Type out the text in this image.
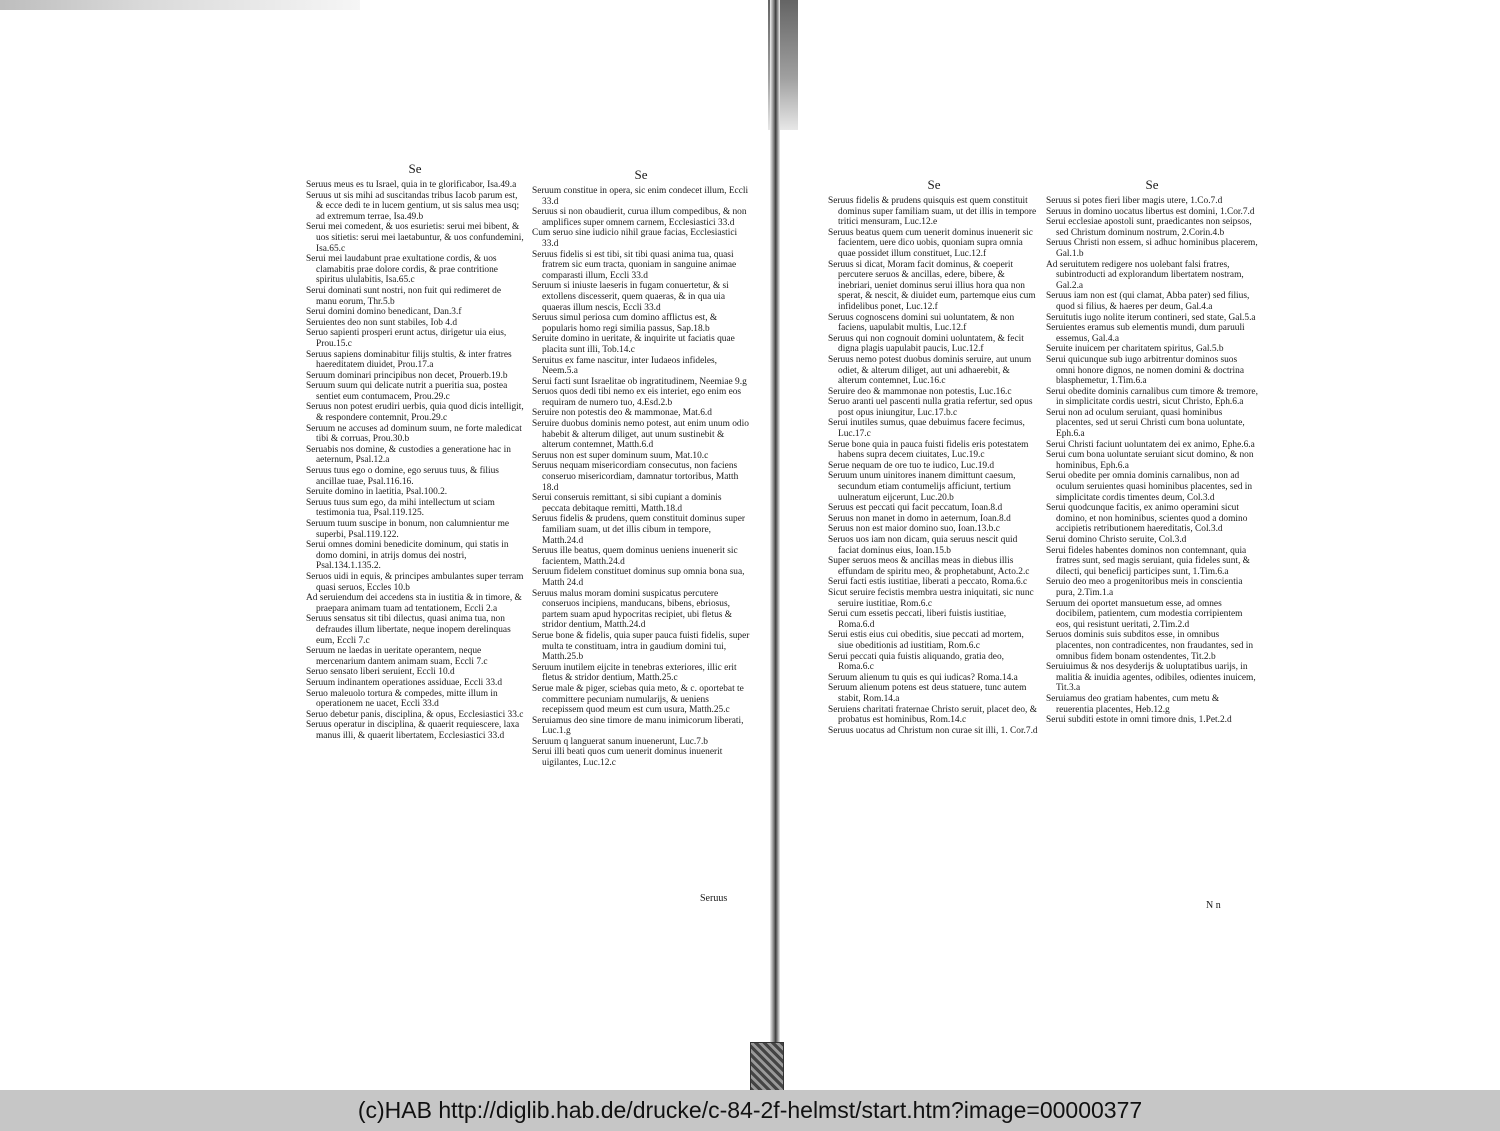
Se

Seruus meus es tu Israel, quia in te glorificabor, Isa.49.a

Seruus ut sis mihi ad suscitandas tribus Iacob parum est, & ecce dedi te in lucem gentium, ut sis salus mea usq; ad extremum terrae, Isa.49.b

Serui mei comedent, & uos esurietis: serui mei bibent, & uos sitietis: serui mei laetabuntur, & uos confundemini, Isa.65.c

Serui mei laudabunt prae exultatione cordis, & uos clamabitis prae dolore cordis, & prae contritione spiritus ululabitis, Isa.65.c

Serui dominati sunt nostri, non fuit qui redimeret de manu eorum, Thr.5.b

Serui domini domino benedicant, Dan.3.f

Seruientes deo non sunt stabiles, Iob 4.d

Seruo sapienti prosperi erunt actus, dirigetur uia eius, Prou.15.c

Seruus sapiens dominabitur filijs stultis, & inter fratres haereditatem diuidet, Prou.17.a

Seruum dominari principibus non decet, Prouerb.19.b

Seruum suum qui delicate nutrit a pueritia sua, postea sentiet eum contumacem, Prou.29.c

Seruus non potest erudiri uerbis, quia quod dicis intelligit, & respondere contemnit, Prou.29.c

Seruum ne accuses ad dominum suum, ne forte maledicat tibi & corruas, Prou.30.b

Seruabis nos domine, & custodies a generatione hac in aeternum, Psal.12.a

Seruus tuus ego o domine, ego seruus tuus, & filius ancillae tuae, Psal.116.16.

Seruite domino in laetitia, Psal.100.2.

Seruus tuus sum ego, da mihi intellectum ut sciam testimonia tua, Psal.119.125.

Seruum tuum suscipe in bonum, non calumnientur me superbi, Psal.119.122.

Serui omnes domini benedicite dominum, qui statis in domo domini, in atrijs domus dei nostri, Psal.134.1.135.2.

Seruos uidi in equis, & principes ambulantes super terram quasi seruos, Eccles 10.b

Ad seruiendum dei accedens sta in iustitia & in timore, & praepara animam tuam ad tentationem, Eccli 2.a

Seruus sensatus sit tibi dilectus, quasi anima tua, non defraudes illum libertate, neque inopem derelinquas eum, Eccli 7.c

Seruum ne laedas in ueritate operantem, neque mercenarium dantem animam suam, Eccli 7.c

Seruo sensato liberi seruient, Eccli 10.d

Seruum indinantem operationes assiduae, Eccli 33.d

Seruo maleuolo tortura & compedes, mitte illum in operationem ne uacet, Eccli 33.d

Seruo debetur panis, disciplina, & opus, Ecclesiastici 33.c

Seruus operatur in disciplina, & quaerit requiescere, laxa manus illi, & quaerit libertatem, Ecclesiastici 33.d

Se

Seruum constitue in opera, sic enim condecet illum, Eccli 33.d

Seruus si non obaudierit, curua illum compedibus, & non amplifices super omnem carnem, Ecclesiastici 33.d

Cum seruo sine iudicio nihil graue facias, Ecclesiastici 33.d

Seruus fidelis si est tibi, sit tibi quasi anima tua, quasi fratrem sic eum tracta, quoniam in sanguine animae comparasti illum, Eccli 33.d

Seruum si iniuste laeseris in fugam conuertetur, & si extollens discesserit, quem quaeras, & in qua uia quaeras illum nescis, Eccli 33.d

Seruus simul periosa cum domino afflictus est, & popularis homo regi similia passus, Sap.18.b

Seruite domino in ueritate, & inquirite ut faciatis quae placita sunt illi, Tob.14.c

Seruitus ex fame nascitur, inter Iudaeos infideles, Neem.5.a

Serui facti sunt Israelitae ob ingratitudinem, Neemiae 9.g

Seruos quos dedi tibi nemo ex eis interiet, ego enim eos requiram de numero tuo, 4.Esd.2.b

Seruire non potestis deo & mammonae, Mat.6.d

Seruire duobus dominis nemo potest, aut enim unum odio habebit & alterum diliget, aut unum sustinebit & alterum contemnet, Matth.6.d

Seruus non est super dominum suum, Mat.10.c

Seruus nequam misericordiam consecutus, non faciens conseruo misericordiam, damnatur tortoribus, Matth 18.d

Serui conseruis remittant, si sibi cupiant a dominis peccata debitaque remitti, Matth.18.d

Seruus fidelis & prudens, quem constituit dominus super familiam suam, ut det illis cibum in tempore, Matth.24.d

Seruus ille beatus, quem dominus ueniens inuenerit sic facientem, Matth.24.d

Seruum fidelem constituet dominus sup omnia bona sua, Matth 24.d

Seruus malus moram domini suspicatus percutere conseruos incipiens, manducans, bibens, ebriosus, partem suam apud hypocritas recipiet, ubi fletus & stridor dentium, Matth.24.d

Serue bone & fidelis, quia super pauca fuisti fidelis, super multa te constituam, intra in gaudium domini tui, Matth.25.b

Seruum inutilem eijcite in tenebras exteriores, illic erit fletus & stridor dentium, Matth.25.c

Serue male & piger, sciebas quia meto, & c. oportebat te committere pecuniam numularijs, & ueniens recepissem quod meum est cum usura, Matth.25.c

Seruiamus deo sine timore de manu inimicorum liberati, Luc.1.g

Seruum q languerat sanum inuenerunt, Luc.7.b

Serui illi beati quos cum uenerit dominus inuenerit uigilantes, Luc.12.c

Seruus
Se

Seruus fidelis & prudens quisquis est quem constituit dominus super familiam suam, ut det illis in tempore tritici mensuram, Luc.12.e

Seruus beatus quem cum uenerit dominus inuenerit sic facientem, uere dico uobis, quoniam supra omnia quae possidet illum constituet, Luc.12.f

Seruus si dicat, Moram facit dominus, & coeperit percutere seruos & ancillas, edere, bibere, & inebriari, ueniet dominus serui illius hora qua non sperat, & nescit, & diuidet eum, partemque eius cum infidelibus ponet, Luc.12.f

Seruus cognoscens domini sui uoluntatem, & non faciens, uapulabit multis, Luc.12.f

Seruus qui non cognouit domini uoluntatem, & fecit digna plagis uapulabit paucis, Luc.12.f

Seruus nemo potest duobus dominis seruire, aut unum odiet, & alterum diliget, aut uni adhaerebit, & alterum contemnet, Luc.16.c

Seruire deo & mammonae non potestis, Luc.16.c

Seruo aranti uel pascenti nulla gratia refertur, sed opus post opus iniungitur, Luc.17.b.c

Serui inutiles sumus, quae debuimus facere fecimus, Luc.17.c

Serue bone quia in pauca fuisti fidelis eris potestatem habens supra decem ciuitates, Luc.19.c

Serue nequam de ore tuo te iudico, Luc.19.d

Seruum unum uinitores inanem dimittunt caesum, secundum etiam contumelijs afficiunt, tertium uulneratum eijcerunt, Luc.20.b

Seruus est peccati qui facit peccatum, Ioan.8.d

Seruus non manet in domo in aeternum, Ioan.8.d

Seruus non est maior domino suo, Ioan.13.b.c

Seruos uos iam non dicam, quia seruus nescit quid faciat dominus eius, Ioan.15.b

Super seruos meos & ancillas meas in diebus illis effundam de spiritu meo, & prophetabunt, Acto.2.c

Serui facti estis iustitiae, liberati a peccato, Roma.6.c

Sicut seruire fecistis membra uestra iniquitati, sic nunc seruire iustitiae, Rom.6.c

Serui cum essetis peccati, liberi fuistis iustitiae, Roma.6.d

Serui estis eius cui obeditis, siue peccati ad mortem, siue obeditionis ad iustitiam, Rom.6.c

Serui peccati quia fuistis aliquando, gratia deo, Roma.6.c

Seruum alienum tu quis es qui iudicas? Roma.14.a

Seruum alienum potens est deus statuere, tunc autem stabit, Rom.14.a

Seruiens charitati fraternae Christo seruit, placet deo, & probatus est hominibus, Rom.14.c

Seruus uocatus ad Christum non curae sit illi, 1. Cor.7.d

Se

Seruus si potes fieri liber magis utere, 1.Co.7.d

Seruus in domino uocatus libertus est domini, 1.Cor.7.d

Serui ecclesiae apostoli sunt, praedicantes non seipsos, sed Christum dominum nostrum, 2.Corin.4.b

Seruus Christi non essem, si adhuc hominibus placerem, Gal.1.b

Ad seruitutem redigere nos uolebant falsi fratres, subintroducti ad explorandum libertatem nostram, Gal.2.a

Seruus iam non est (qui clamat, Abba pater) sed filius, quod si filius, & haeres per deum, Gal.4.a

Seruitutis iugo nolite iterum contineri, sed state, Gal.5.a

Seruientes eramus sub elementis mundi, dum paruuli essemus, Gal.4.a

Seruite inuicem per charitatem spiritus, Gal.5.b

Serui quicunque sub iugo arbitrentur dominos suos omni honore dignos, ne nomen domini & doctrina blasphemetur, 1.Tim.6.a

Serui obedite dominis carnalibus cum timore & tremore, in simplicitate cordis uestri, sicut Christo, Eph.6.a

Serui non ad oculum seruiant, quasi hominibus placentes, sed ut serui Christi cum bona uoluntate, Eph.6.a

Serui Christi faciunt uoluntatem dei ex animo, Ephe.6.a

Serui cum bona uoluntate seruiant sicut domino, & non hominibus, Eph.6.a

Serui obedite per omnia dominis carnalibus, non ad oculum seruientes quasi hominibus placentes, sed in simplicitate cordis timentes deum, Col.3.d

Serui quodcunque facitis, ex animo operamini sicut domino, et non hominibus, scientes quod a domino accipietis retributionem haereditatis, Col.3.d

Serui domino Christo seruite, Col.3.d

Serui fideles habentes dominos non contemnant, quia fratres sunt, sed magis seruiant, quia fideles sunt, & dilecti, qui beneficij participes sunt, 1.Tim.6.a

Seruio deo meo a progenitoribus meis in conscientia pura, 2.Tim.1.a

Seruum dei oportet mansuetum esse, ad omnes docibilem, patientem, cum modestia corripientem eos, qui resistunt ueritati, 2.Tim.2.d

Seruos dominis suis subditos esse, in omnibus placentes, non contradicentes, non fraudantes, sed in omnibus fidem bonam ostendentes, Tit.2.b

Seruiuimus & nos desyderijs & uoluptatibus uarijs, in malitia & inuidia agentes, odibiles, odientes inuicem, Tit.3.a

Seruiamus deo gratiam habentes, cum metu & reuerentia placentes, Heb.12.g

Serui subditi estote in omni timore dnis, 1.Pet.2.d

N n
(c)HAB http://diglib.hab.de/drucke/c-84-2f-helmst/start.htm?image=00000377
